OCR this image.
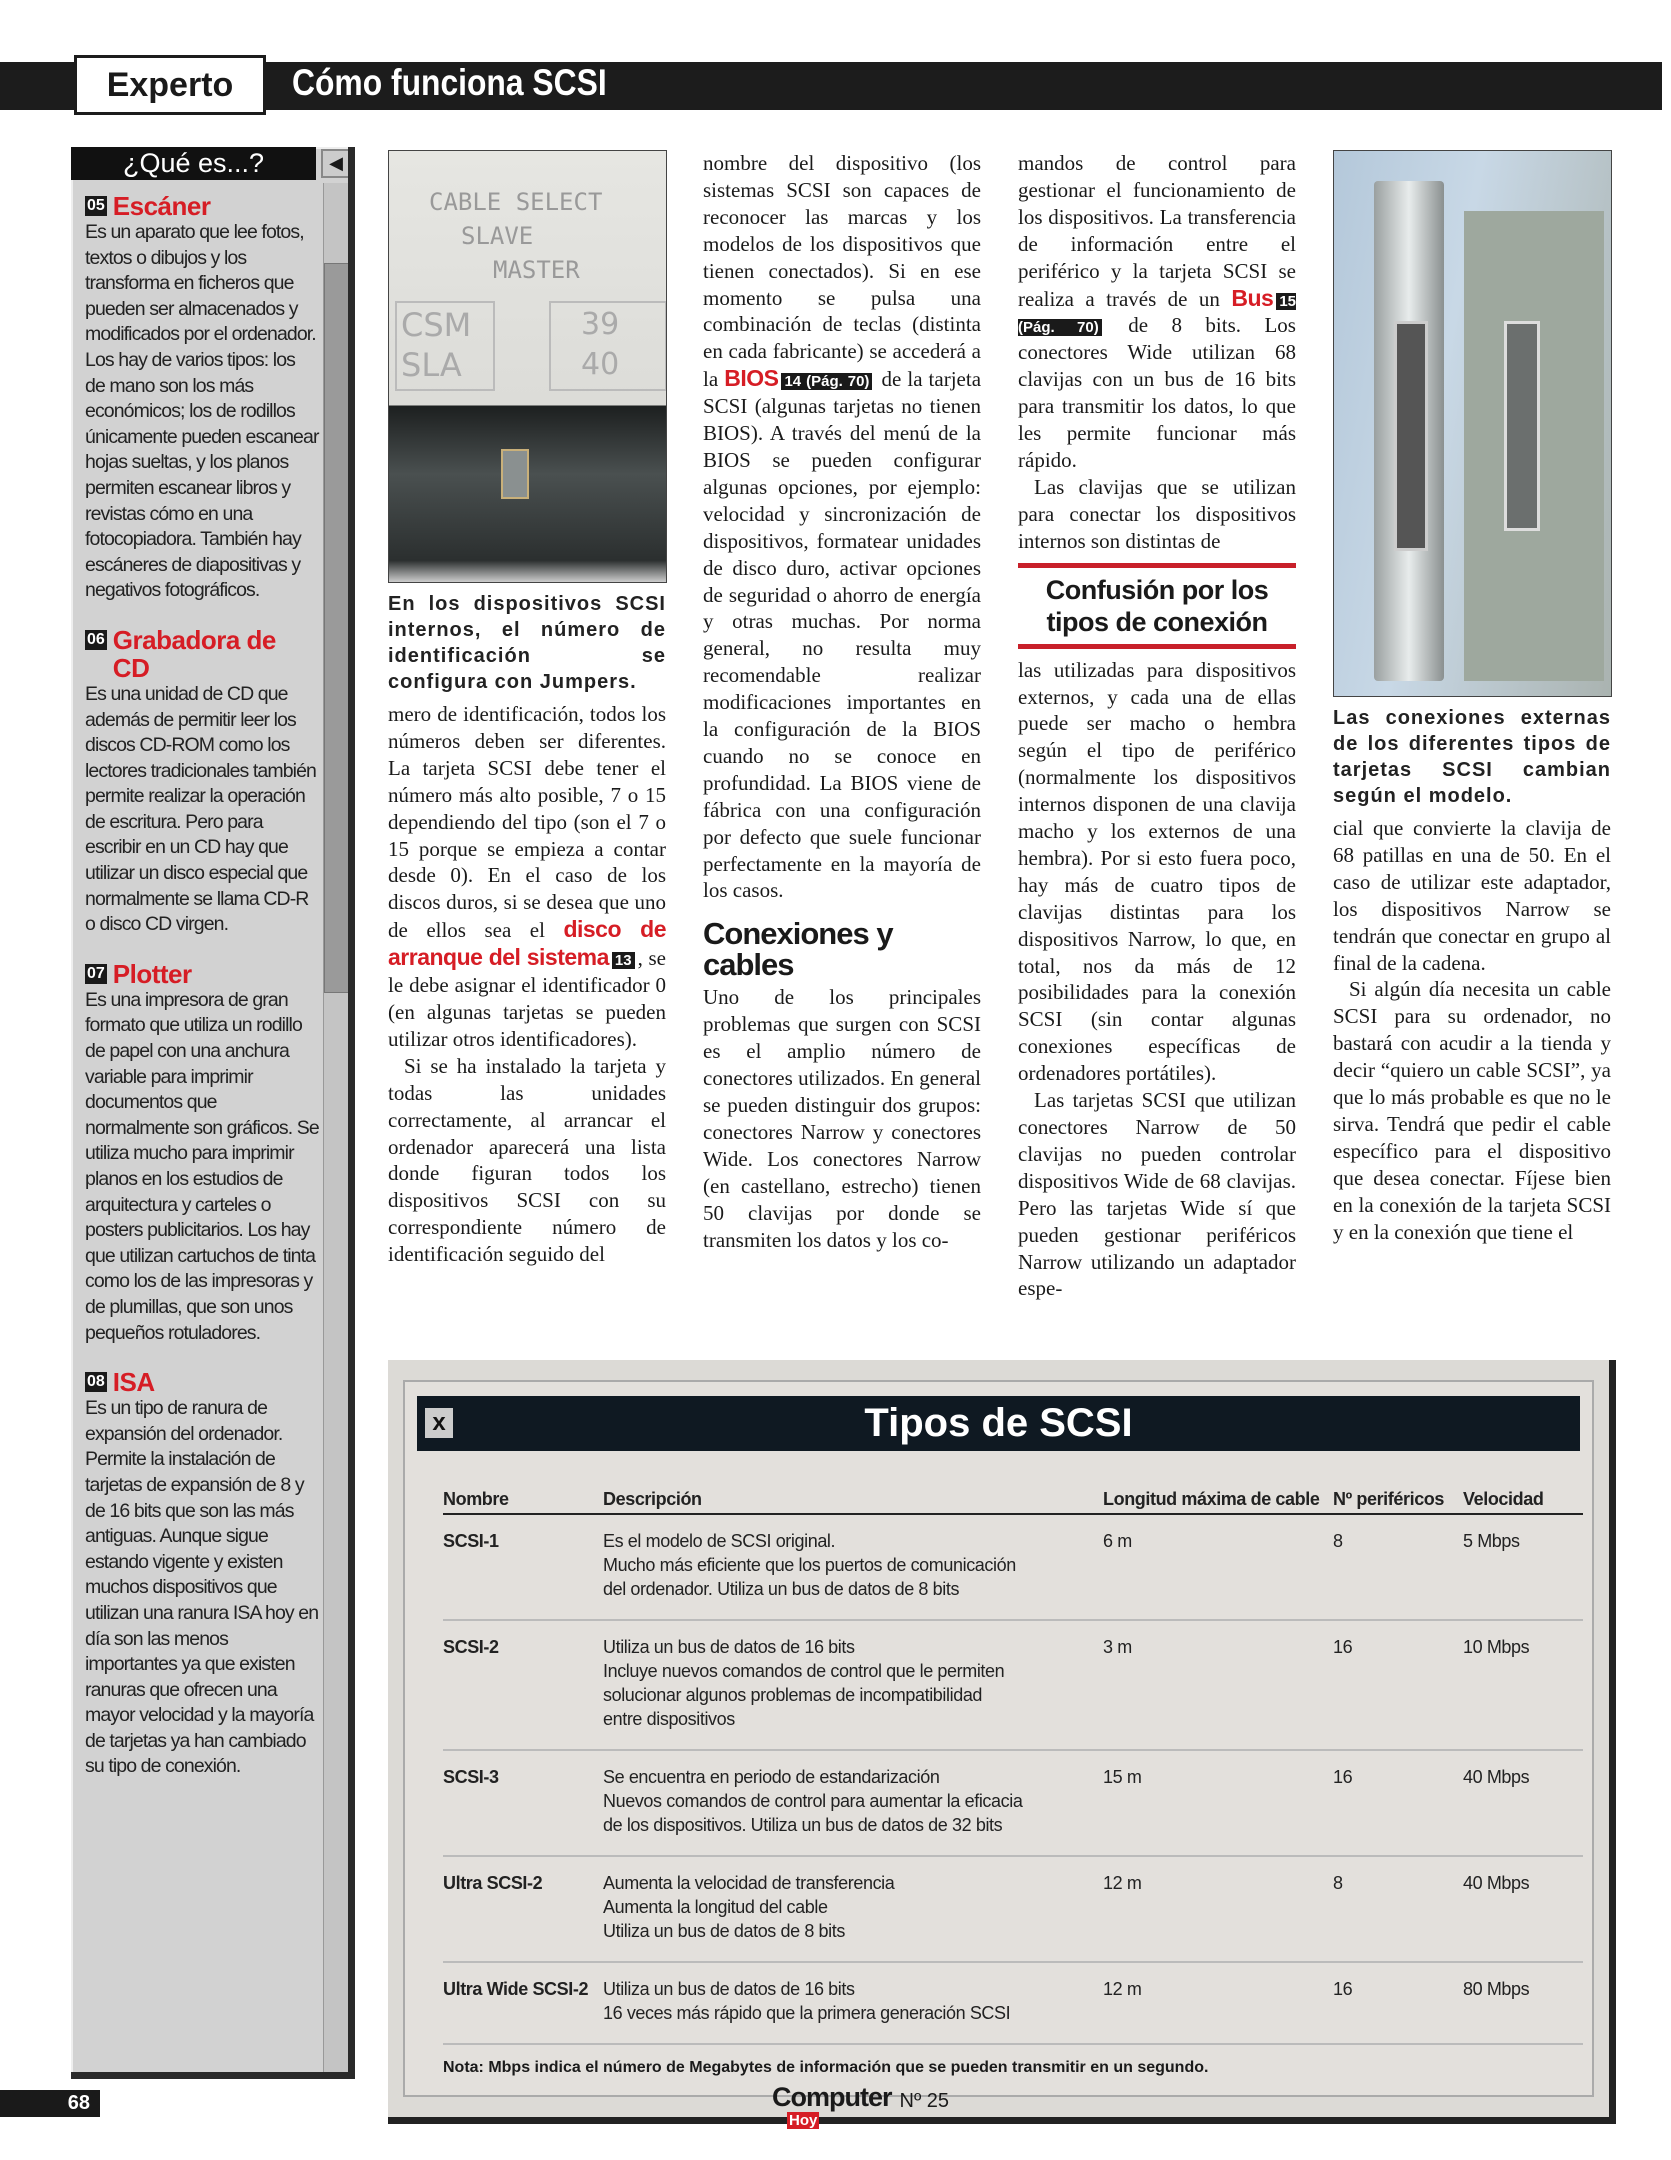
Experto	Cómo funciona SCSI
¿Qué es...?	◀
05 Escáner
Es un aparato que lee fotos, textos o dibujos y los transforma en ficheros que pueden ser almacenados y modificados por el ordenador. Los hay de varios tipos: los de mano son los más económicos; los de rodillos únicamente pueden escanear hojas sueltas, y los planos permiten escanear libros y revistas cómo en una fotocopiadora. También hay escáneres de diapositivas y negativos fotográficos.
06 Grabadora de CD
Es una unidad de CD que además de permitir leer los discos CD-ROM como los lectores tradicionales también permite realizar la operación de escritura. Pero para escribir en un CD hay que utilizar un disco especial que normalmente se llama CD-R o disco CD virgen.
07 Plotter
Es una impresora de gran formato que utiliza un rodillo de papel con una anchura variable para imprimir documentos que normalmente son gráficos. Se utiliza mucho para imprimir planos en los estudios de arquitectura y carteles o posters publicitarios. Los hay que utilizan cartuchos de tinta como los de las impresoras y de plumillas, que son unos pequeños rotuladores.
08 ISA
Es un tipo de ranura de expansión del ordenador. Permite la instalación de tarjetas de expansión de 8 y de 16 bits que son las más antiguas. Aunque sigue estando vigente y existen muchos dispositivos que utilizan una ranura ISA hoy en día son las menos importantes ya que existen ranuras que ofrecen una mayor velocidad y la mayoría de tarjetas ya han cambiado su tipo de conexión.
CABLE SELECT
SLAVE
MASTER
CSM
SLA
39
40
En los dispositivos SCSI internos, el número de identificación se configura con Jumpers.

mero de identificación, todos los números deben ser diferentes. La tarjeta SCSI debe tener el número más alto posible, 7 o 15 dependiendo del tipo (son el 7 o 15 porque se empieza a contar desde 0). En el caso de los discos duros, si se desea que uno de ellos sea el disco de arranque del sistema 13 , se le debe asignar el identificador 0 (en algunas tarjetas se pueden utilizar otros identificadores).

Si se ha instalado la tarjeta y todas las unidades correctamente, al arrancar el ordenador aparecerá una lista donde figuran todos los dispositivos SCSI con su correspondiente número de identificación seguido del

nombre del dispositivo (los sistemas SCSI son capaces de reconocer las marcas y los modelos de los dispositivos que tienen conectados). Si en ese momento se pulsa una combinación de teclas (distinta en cada fabricante) se accederá a la BIOS 14 (Pág. 70) de la tarjeta SCSI (algunas tarjetas no tienen BIOS). A través del menú de la BIOS se pueden configurar algunas opciones, por ejemplo: velocidad y sincronización de dispositivos, formatear unidades de disco duro, activar opciones de seguridad o ahorro de energía y otras muchas. Por norma general, no resulta muy recomendable realizar modificaciones importantes en la configuración de la BIOS cuando no se conoce en profundidad. La BIOS viene de fábrica con una configuración por defecto que suele funcionar perfectamente en la mayoría de los casos.

Conexiones y cables

Uno de los principales problemas que surgen con SCSI es el amplio número de conectores utilizados. En general se pueden distinguir dos grupos: conectores Narrow y conectores Wide. Los conectores Narrow (en castellano, estrecho) tienen 50 clavijas por donde se transmiten los datos y los co-

mandos de control para gestionar el funcionamiento de los dispositivos. La transferencia de información entre el periférico y la tarjeta SCSI se realiza a través de un Bus 15 (Pág. 70) de 8 bits. Los conectores Wide utilizan 68 clavijas con un bus de 16 bits para transmitir los datos, lo que les permite funcionar más rápido.

Las clavijas que se utilizan para conectar los dispositivos internos son distintas de

Confusión por los tipos de conexión

las utilizadas para dispositivos externos, y cada una de ellas puede ser macho o hembra según el tipo de periférico (normalmente los dispositivos internos disponen de una clavija macho y los externos de una hembra). Por si esto fuera poco, hay más de cuatro tipos de clavijas distintas para los dispositivos Narrow, lo que, en total, nos da más de 12 posibilidades para la conexión SCSI (sin contar algunas conexiones específicas de ordenadores portátiles).

Las tarjetas SCSI que utilizan conectores Narrow de 50 clavijas no pueden controlar dispositivos Wide de 68 clavijas. Pero las tarjetas Wide sí que pueden gestionar periféricos Narrow utilizando un adaptador espe-

Las conexiones externas de los diferentes tipos de tarjetas SCSI cambian según el modelo.

cial que convierte la clavija de 68 patillas en una de 50. En el caso de utilizar este adaptador, los dispositivos Narrow se tendrán que conectar en grupo al final de la cadena.

Si algún día necesita un cable SCSI para su ordenador, no bastará con acudir a la tienda y decir “quiero un cable SCSI”, ya que lo más probable es que no le sirva. Tendrá que pedir el cable específico para el dispositivo que desea conectar. Fíjese bien en la conexión de la tarjeta SCSI y en la conexión que tiene el

x	Tipos de SCSI
Nombre	Descripción	Longitud máxima de cable	Nº periféricos	Velocidad
SCSI-1	Es el modelo de SCSI original.
Mucho más eficiente que los puertos de comunicación
del ordenador. Utiliza un bus de datos de 8 bits	6 m	8	5 Mbps
SCSI-2	Utiliza un bus de datos de 16 bits
Incluye nuevos comandos de control que le permiten
solucionar algunos problemas de incompatibilidad
entre dispositivos	3 m	16	10 Mbps
SCSI-3	Se encuentra en periodo de estandarización
Nuevos comandos de control para aumentar la eficacia
de los dispositivos. Utiliza un bus de datos de 32 bits	15 m	16	40 Mbps
Ultra SCSI-2	Aumenta la velocidad de transferencia
Aumenta la longitud del cable
Utiliza un bus de datos de 8 bits	12 m	8	40 Mbps
Ultra Wide SCSI-2	Utiliza un bus de datos de 16 bits
16 veces más rápido que la primera generación SCSI	12 m	16	80 Mbps
Nota: Mbps indica el número de Megabytes de información que se pueden transmitir en un segundo.
68	Computer
Hoy
Nº 25
